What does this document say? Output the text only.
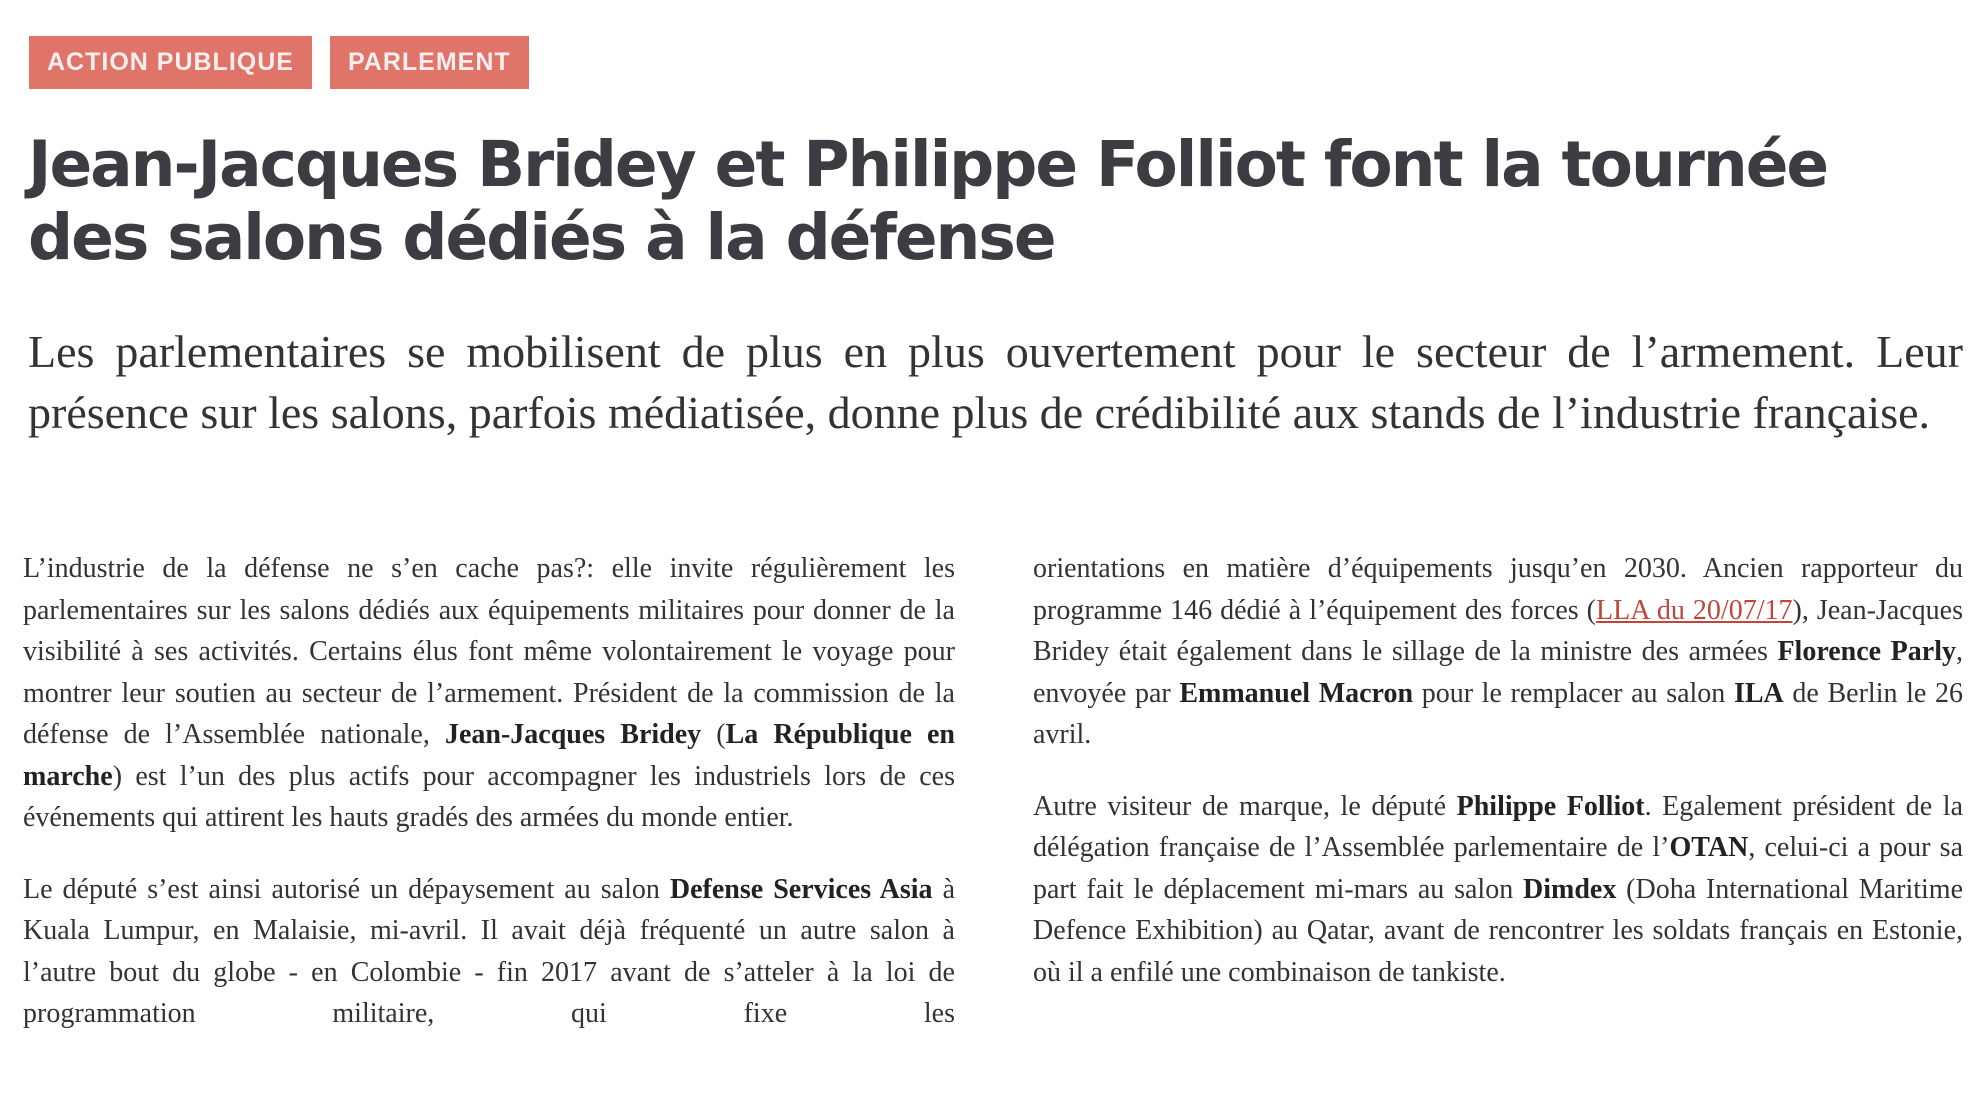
ACTION PUBLIQUE	PARLEMENT
Jean-Jacques Bridey et Philippe Folliot font la tournée des salons dédiés à la défense

Les parlementaires se mobilisent de plus en plus ouvertement pour le secteur de l’armement. Leur présence sur les salons, parfois médiatisée, donne plus de crédibilité aux stands de l’industrie française.

L’industrie de la défense ne s’en cache pas?: elle invite régulièrement les parlementaires sur les salons dédiés aux équipements militaires pour donner de la visibilité à ses activités. Certains élus font même volontairement le voyage pour montrer leur soutien au secteur de l’armement. Président de la commission de la défense de l’Assemblée nationale, Jean-Jacques Bridey (La République en marche) est l’un des plus actifs pour accompagner les industriels lors de ces événements qui attirent les hauts gradés des armées du monde entier.

Le député s’est ainsi autorisé un dépaysement au salon Defense Services Asia à Kuala Lumpur, en Malaisie, mi-avril. Il avait déjà fréquenté un autre salon à l’autre bout du globe - en Colombie - fin 2017 avant de s’atteler à la loi de programmation militaire, qui fixe les

orientations en matière d’équipements jusqu’en 2030. Ancien rapporteur du programme 146 dédié à l’équipement des forces (LLA du 20/07/17), Jean-Jacques Bridey était également dans le sillage de la ministre des armées Florence Parly, envoyée par Emmanuel Macron pour le remplacer au salon ILA de Berlin le 26 avril.

Autre visiteur de marque, le député Philippe Folliot. Egalement président de la délégation française de l’Assemblée parlementaire de l’OTAN, celui-ci a pour sa part fait le déplacement mi-mars au salon Dimdex (Doha International Maritime Defence Exhibition) au Qatar, avant de rencontrer les soldats français en Estonie, où il a enfilé une combinaison de tankiste.
